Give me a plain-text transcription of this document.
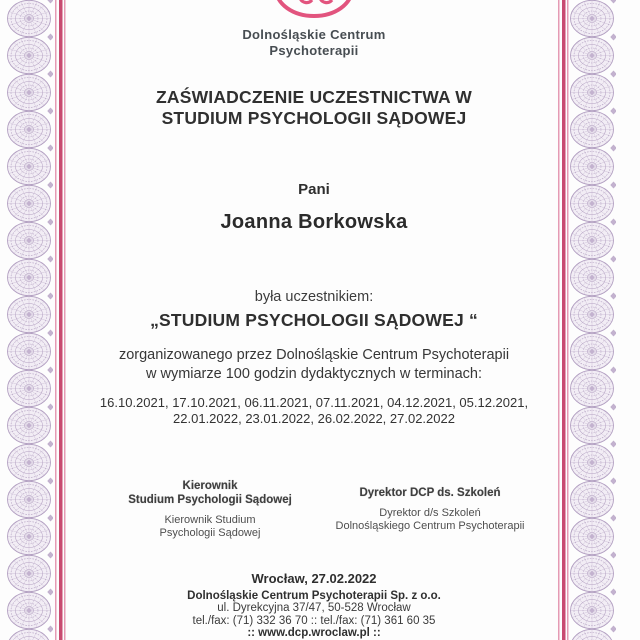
Dolnośląskie Centrum
Psychoterapii
ZAŚWIADCZENIE UCZESTNICTWA W
STUDIUM PSYCHOLOGII SĄDOWEJ
Pani
Joanna Borkowska
była uczestnikiem:
„STUDIUM PSYCHOLOGII SĄDOWEJ “
zorganizowanego przez Dolnośląskie Centrum Psychoterapii
w wymiarze 100 godzin dydaktycznych w terminach:
16.10.2021, 17.10.2021, 06.11.2021, 07.11.2021, 04.12.2021, 05.12.2021,
22.01.2022, 23.01.2022, 26.02.2022, 27.02.2022
Kierownik
Studium Psychologii Sądowej
Kierownik Studium
Psychologii Sądowej
Dyrektor DCP ds. Szkoleń
Dyrektor d/s Szkoleń
Dolnośląskiego Centrum Psychoterapii
Wrocław, 27.02.2022
Dolnośląskie Centrum Psychoterapii Sp. z o.o.
ul. Dyrekcyjna 37/47, 50-528 Wrocław
tel./fax: (71) 332 36 70 :: tel./fax: (71) 361 60 35
:: www.dcp.wroclaw.pl ::
